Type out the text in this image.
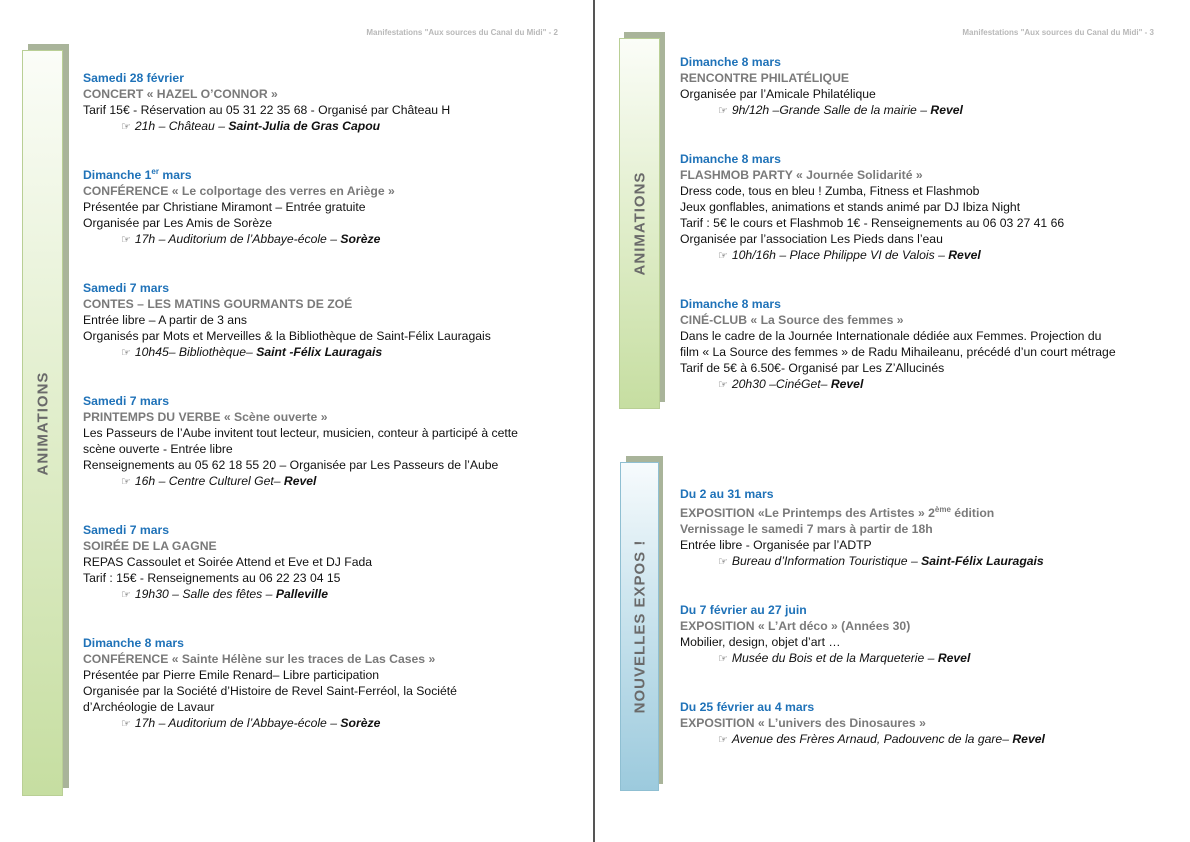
Manifestations "Aux sources du Canal du Midi" - 2
ANIMATIONS
Samedi 28 février
CONCERT « HAZEL O’CONNOR »
Tarif 15€ - Réservation au 05 31 22 35 68 - Organisé par Château H
☞ 21h – Château – Saint-Julia de Gras Capou
Dimanche 1er mars
CONFÉRENCE « Le colportage des verres en Ariège »
Présentée par Christiane Miramont – Entrée gratuite
Organisée par Les Amis de Sorèze
☞ 17h – Auditorium de l’Abbaye-école – Sorèze
Samedi 7 mars
CONTES – LES MATINS GOURMANTS DE ZOÉ
Entrée libre – A partir de 3 ans
Organisés par Mots et Merveilles & la Bibliothèque de Saint-Félix Lauragais
☞ 10h45– Bibliothèque– Saint -Félix Lauragais
Samedi 7 mars
PRINTEMPS DU VERBE « Scène ouverte »
Les Passeurs de l’Aube invitent tout lecteur, musicien, conteur à participé à cette
scène ouverte - Entrée libre
Renseignements au 05 62 18 55 20 – Organisée par Les Passeurs de l’Aube
☞ 16h – Centre Culturel Get– Revel
Samedi 7 mars
SOIRÉE DE LA GAGNE
REPAS Cassoulet et Soirée Attend et Eve et DJ Fada
Tarif : 15€ - Renseignements au 06 22 23 04 15
☞ 19h30 – Salle des fêtes – Palleville
Dimanche 8 mars
CONFÉRENCE « Sainte Hélène sur les traces de Las Cases »
Présentée par Pierre Emile Renard– Libre participation
Organisée par la Société d’Histoire de Revel Saint-Ferréol, la Société
d’Archéologie de Lavaur
☞ 17h – Auditorium de l’Abbaye-école – Sorèze
Manifestations "Aux sources du Canal du Midi" - 3
ANIMATIONS
NOUVELLES EXPOS !
Dimanche 8 mars
RENCONTRE PHILATÉLIQUE
Organisée par l’Amicale Philatélique
☞ 9h/12h –Grande Salle de la mairie – Revel
Dimanche 8 mars
FLASHMOB PARTY « Journée Solidarité »
Dress code, tous en bleu ! Zumba, Fitness et Flashmob
Jeux gonflables, animations et stands animé par DJ Ibiza Night
Tarif : 5€ le cours et Flashmob 1€ - Renseignements au 06 03 27 41 66
Organisée par l’association Les Pieds dans l’eau
☞ 10h/16h – Place Philippe VI de Valois – Revel
Dimanche 8 mars
CINÉ-CLUB « La Source des femmes »
Dans le cadre de la Journée Internationale dédiée aux Femmes. Projection du
film « La Source des femmes » de Radu Mihaileanu, précédé d’un court métrage
Tarif de 5€ à 6.50€- Organisé par Les Z’Allucinés
☞ 20h30 –CinéGet– Revel
Du 2 au 31 mars
EXPOSITION «Le Printemps des Artistes » 2ème édition
Vernissage le samedi 7 mars à partir de 18h
Entrée libre - Organisée par l’ADTP
☞ Bureau d’Information Touristique – Saint-Félix Lauragais
Du 7 février au 27 juin
EXPOSITION « L’Art déco » (Années 30)
Mobilier, design, objet d’art …
☞ Musée du Bois et de la Marqueterie – Revel
Du 25 février au 4 mars
EXPOSITION « L’univers des Dinosaures »
☞ Avenue des Frères Arnaud, Padouvenc de la gare– Revel
